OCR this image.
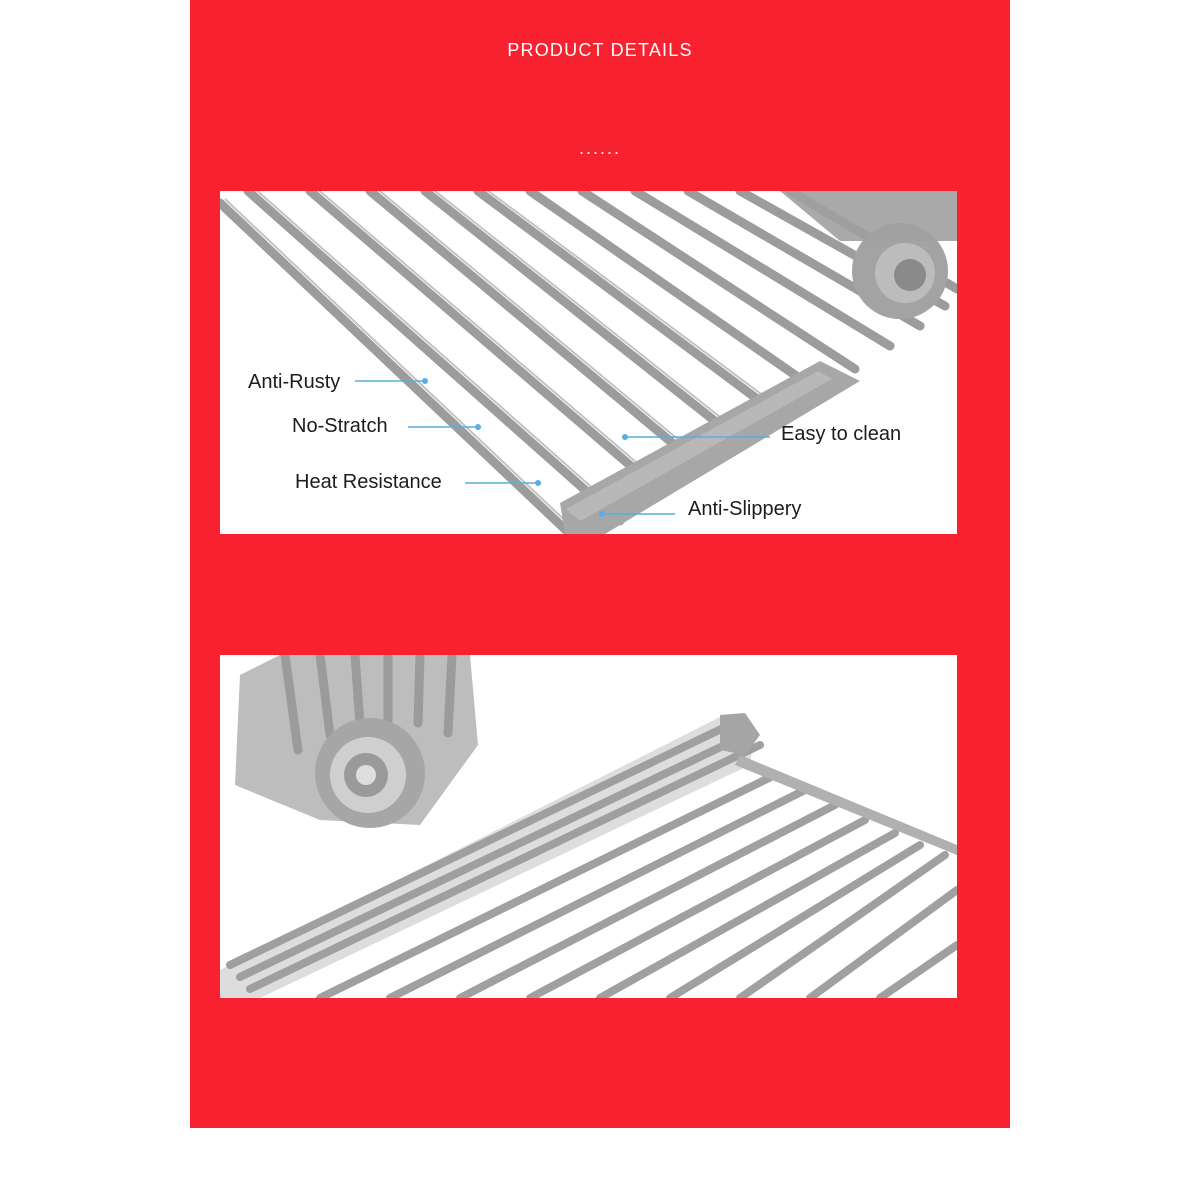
PRODUCT DETAILS
......
Anti-Rusty
No-Stratch
Heat Resistance
Easy to clean
Anti-Slippery
